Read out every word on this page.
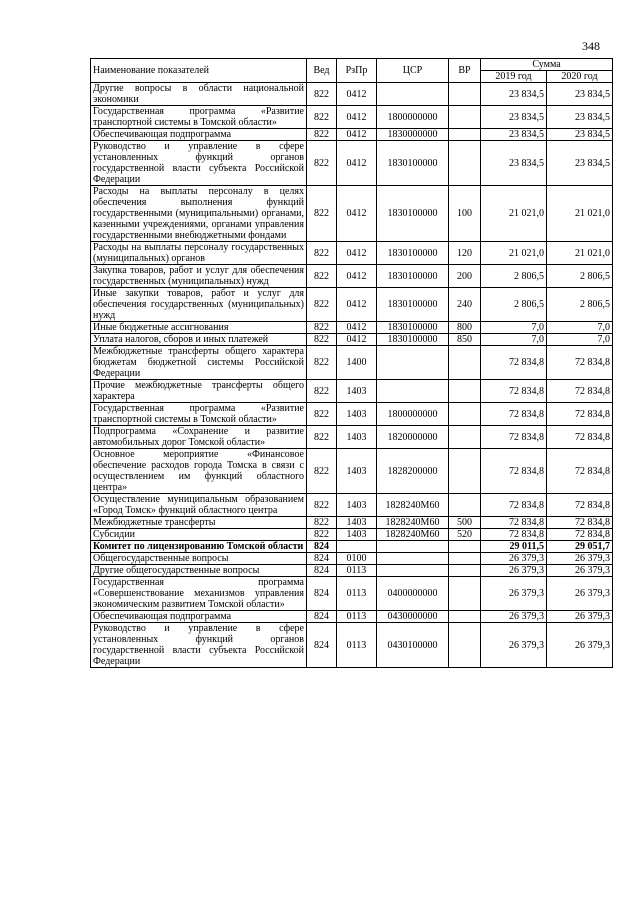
348
Наименование показателей	Вед	РзПр	ЦСР	ВР	Сумма	
					2019 год	2020 год
Другие вопросы в области национальной экономики	822	0412			23 834,5	23 834,5
Государственная программа «Развитие транспортной системы в Томской области»	822	0412	1800000000		23 834,5	23 834,5
Обеспечивающая подпрограмма	822	0412	1830000000		23 834,5	23 834,5
Руководство и управление в сфере установленных функций органов государственной власти субъекта Российской Федерации	822	0412	1830100000		23 834,5	23 834,5
Расходы на выплаты персоналу в целях обеспечения выполнения функций государственными (муниципальными) органами, казенными учреждениями, органами управления государственными внебюджетными фондами	822	0412	1830100000	100	21 021,0	21 021,0
Расходы на выплаты персоналу государственных (муниципальных) органов	822	0412	1830100000	120	21 021,0	21 021,0
Закупка товаров, работ и услуг для обеспечения государственных (муниципальных) нужд	822	0412	1830100000	200	2 806,5	2 806,5
Иные закупки товаров, работ и услуг для обеспечения государственных (муниципальных) нужд	822	0412	1830100000	240	2 806,5	2 806,5
Иные бюджетные ассигнования	822	0412	1830100000	800	7,0	7,0
Уплата налогов, сборов и иных платежей	822	0412	1830100000	850	7,0	7,0
Межбюджетные трансферты общего характера бюджетам бюджетной системы Российской Федерации	822	1400			72 834,8	72 834,8
Прочие межбюджетные трансферты общего характера	822	1403			72 834,8	72 834,8
Государственная программа «Развитие транспортной системы в Томской области»	822	1403	1800000000		72 834,8	72 834,8
Подпрограмма «Сохранение и развитие автомобильных дорог Томской области»	822	1403	1820000000		72 834,8	72 834,8
Основное мероприятие «Финансовое обеспечение расходов города Томска в связи с осуществлением им функций областного центра»	822	1403	1828200000		72 834,8	72 834,8
Осуществление муниципальным образованием «Город Томск» функций областного центра	822	1403	1828240М60		72 834,8	72 834,8
Межбюджетные трансферты	822	1403	1828240М60	500	72 834,8	72 834,8
Субсидии	822	1403	1828240М60	520	72 834,8	72 834,8
Комитет по лицензированию Томской области	824				29 011,5	29 051,7
Общегосударственные вопросы	824	0100			26 379,3	26 379,3
Другие общегосударственные вопросы	824	0113			26 379,3	26 379,3
Государственная программа «Совершенствование механизмов управления экономическим развитием Томской области»	824	0113	0400000000		26 379,3	26 379,3
Обеспечивающая подпрограмма	824	0113	0430000000		26 379,3	26 379,3
Руководство и управление в сфере установленных функций органов государственной власти субъекта Российской Федерации	824	0113	0430100000		26 379,3	26 379,3
